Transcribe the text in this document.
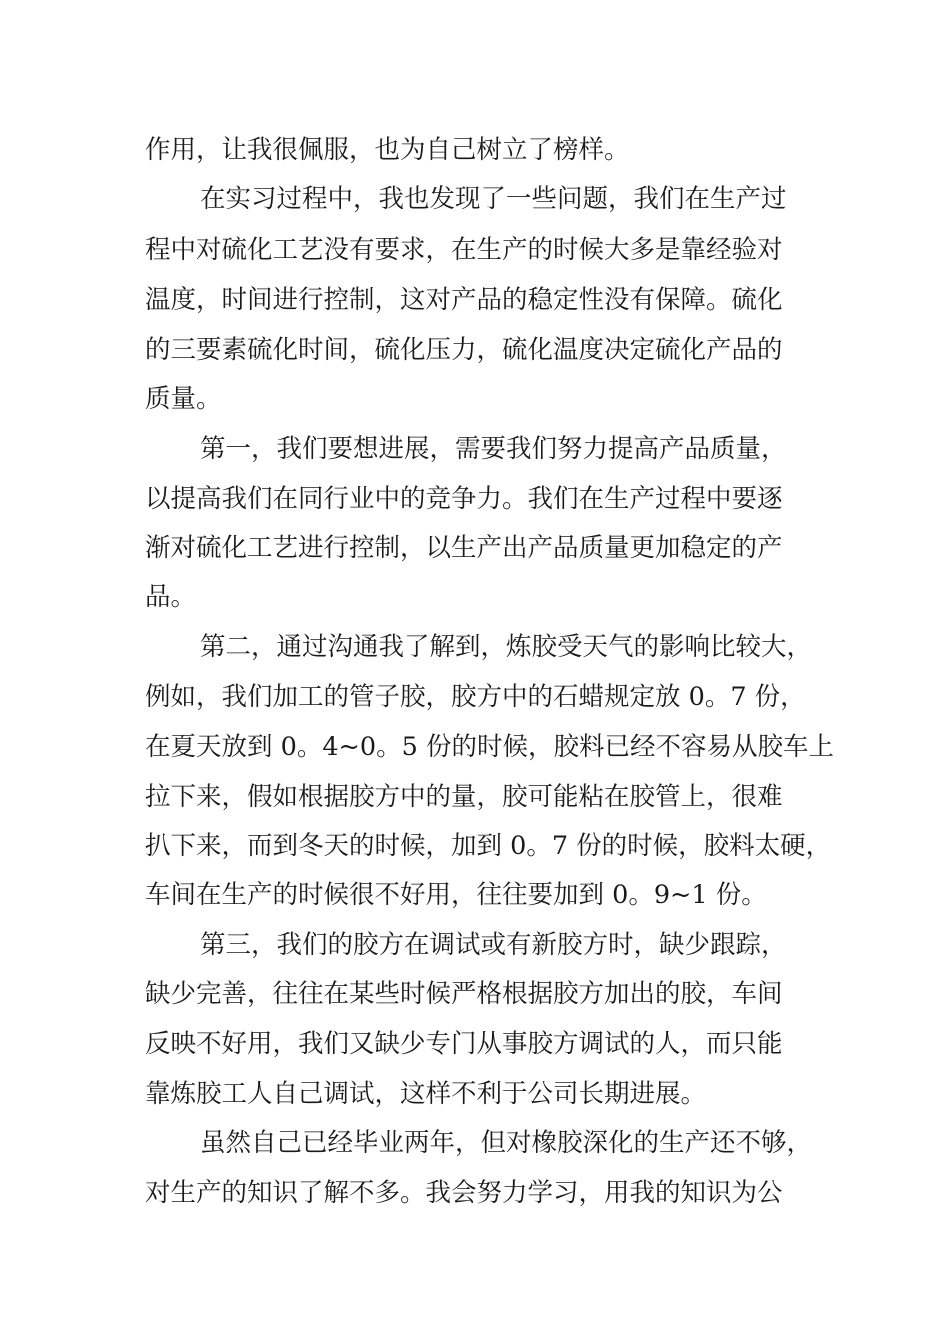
作用，让我很佩服，也为自己树立了榜样。
在实习过程中，我也发现了一些问题，我们在生产过
程中对硫化工艺没有要求，在生产的时候大多是靠经验对
温度，时间进行控制，这对产品的稳定性没有保障。硫化
的三要素硫化时间，硫化压力，硫化温度决定硫化产品的
质量。
第一，我们要想进展，需要我们努力提高产品质量，
以提高我们在同行业中的竞争力。我们在生产过程中要逐
渐对硫化工艺进行控制，以生产出产品质量更加稳定的产
品。
第二，通过沟通我了解到，炼胶受天气的影响比较大，
例如，我们加工的管子胶，胶方中的石蜡规定放 0。7 份，
在夏天放到 0。4~0。5 份的时候，胶料已经不容易从胶车上
拉下来，假如根据胶方中的量，胶可能粘在胶管上，很难
扒下来，而到冬天的时候，加到 0。7 份的时候，胶料太硬，
车间在生产的时候很不好用，往往要加到 0。9~1 份。
第三，我们的胶方在调试或有新胶方时，缺少跟踪，
缺少完善，往往在某些时候严格根据胶方加出的胶，车间
反映不好用，我们又缺少专门从事胶方调试的人，而只能
靠炼胶工人自己调试，这样不利于公司长期进展。
虽然自己已经毕业两年，但对橡胶深化的生产还不够，
对生产的知识了解不多。我会努力学习，用我的知识为公
